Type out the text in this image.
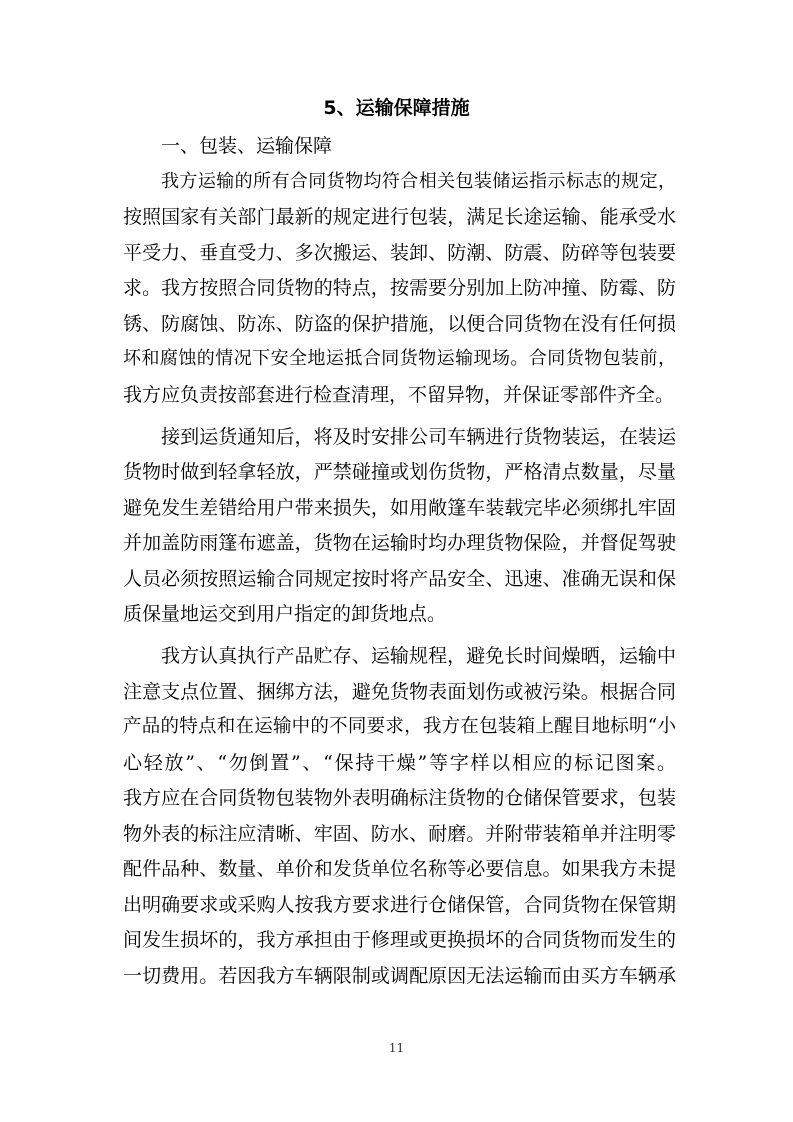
5、运输保障措施
一、包装、运输保障
我方运输的所有合同货物均符合相关包装储运指示标志的规定，
按照国家有关部门最新的规定进行包装，满足长途运输、能承受水
平受力、垂直受力、多次搬运、装卸、防潮、防震、防碎等包装要
求。我方按照合同货物的特点，按需要分别加上防冲撞、防霉、防
锈、防腐蚀、防冻、防盗的保护措施，以便合同货物在没有任何损
坏和腐蚀的情况下安全地运抵合同货物运输现场。合同货物包装前，
我方应负责按部套进行检查清理，不留异物，并保证零部件齐全。
接到运货通知后，将及时安排公司车辆进行货物装运，在装运
货物时做到轻拿轻放，严禁碰撞或划伤货物，严格清点数量，尽量
避免发生差错给用户带来损失，如用敞篷车装载完毕必须绑扎牢固
并加盖防雨篷布遮盖，货物在运输时均办理货物保险，并督促驾驶
人员必须按照运输合同规定按时将产品安全、迅速、准确无误和保
质保量地运交到用户指定的卸货地点。
我方认真执行产品贮存、运输规程，避免长时间燥晒，运输中
注意支点位置、捆绑方法，避免货物表面划伤或被污染。根据合同
产品的特点和在运输中的不同要求，我方在包装箱上醒目地标明“小
心轻放”、“勿倒置”、“保持干燥”等字样以相应的标记图案。
我方应在合同货物包装物外表明确标注货物的仓储保管要求，包装
物外表的标注应清晰、牢固、防水、耐磨。并附带装箱单并注明零
配件品种、数量、单价和发货单位名称等必要信息。如果我方未提
出明确要求或采购人按我方要求进行仓储保管，合同货物在保管期
间发生损坏的，我方承担由于修理或更换损坏的合同货物而发生的
一切费用。若因我方车辆限制或调配原因无法运输而由买方车辆承
11
